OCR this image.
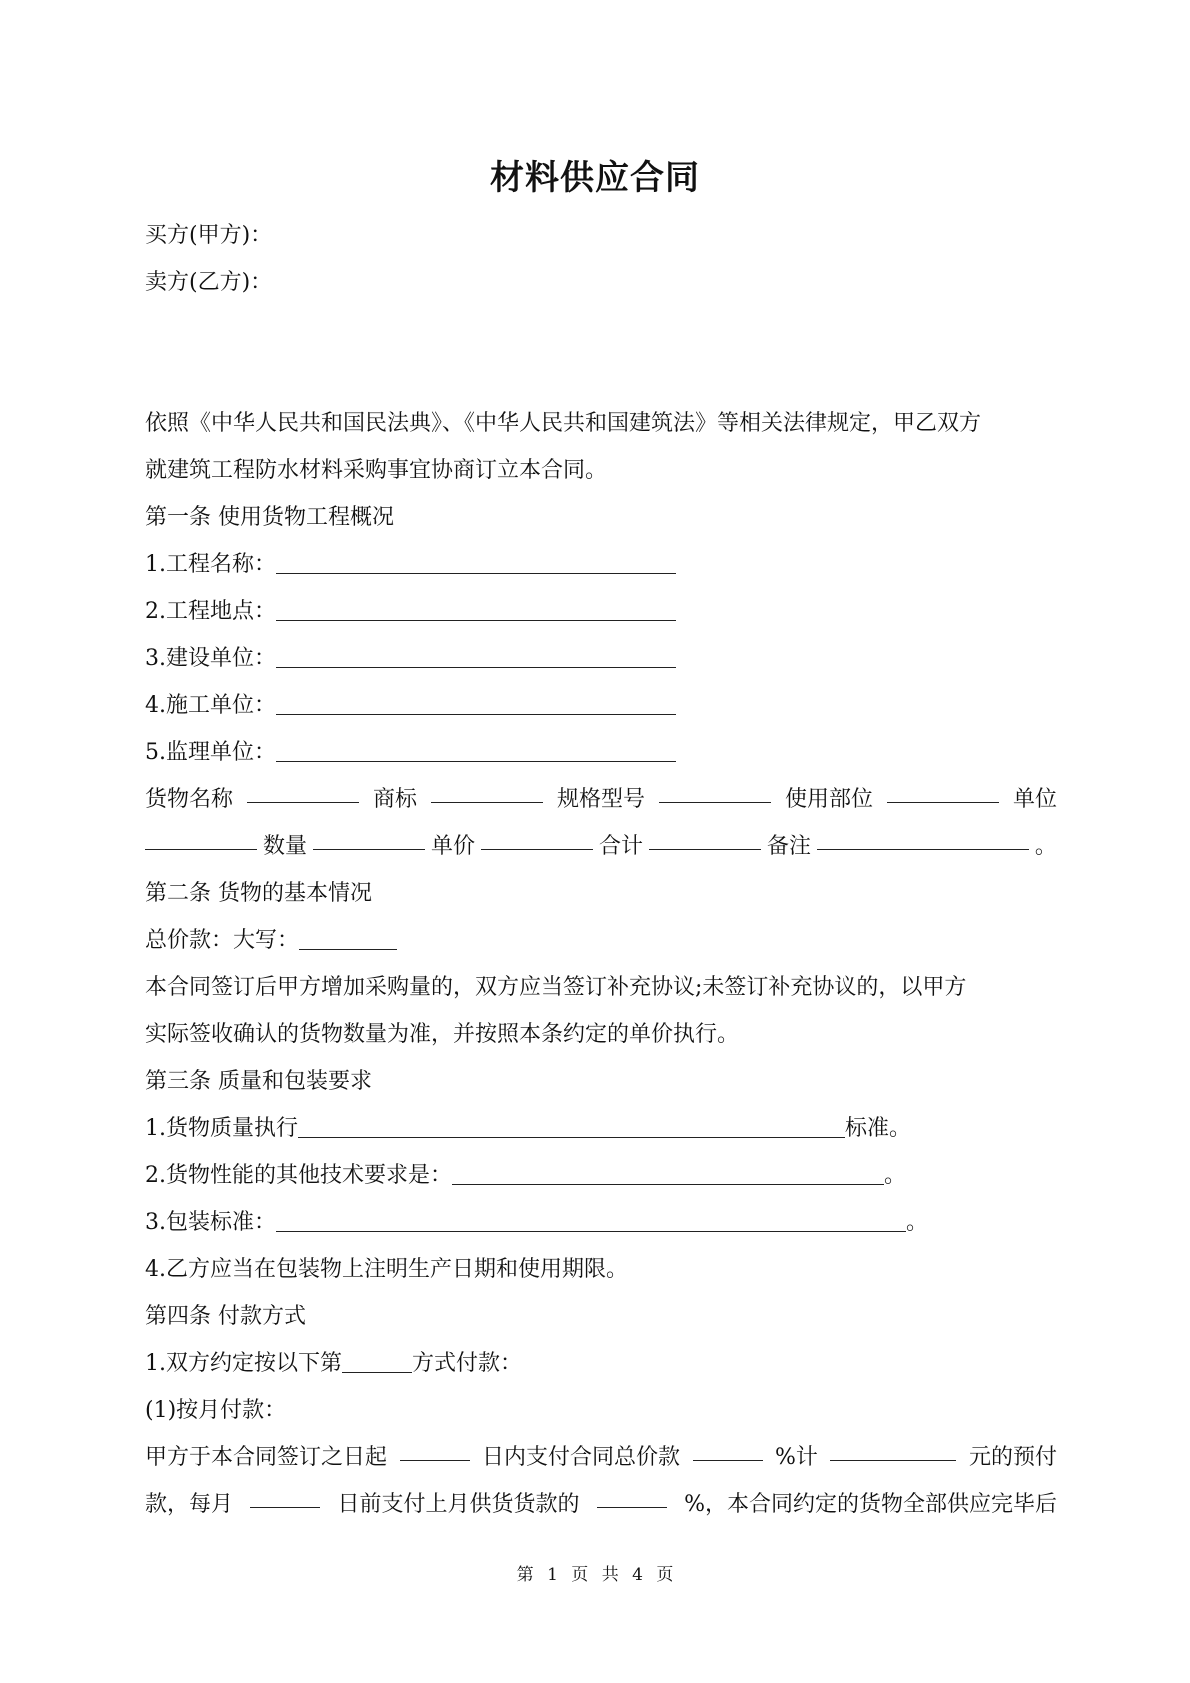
材料供应合同
买方(甲方)：
卖方(乙方)：
依照《中华人民共和国民法典》、《中华人民共和国建筑法》等相关法律规定，甲乙双方
就建筑工程防水材料采购事宜协商订立本合同。
第一条 使用货物工程概况
1.工程名称：
2.工程地点：
3.建设单位：
4.施工单位：
5.监理单位：
货物名称	商标	规格型号	使用部位	单位
数量	单价	合计	备注	。
第二条 货物的基本情况
总价款：大写：
本合同签订后甲方增加采购量的，双方应当签订补充协议;未签订补充协议的，以甲方
实际签收确认的货物数量为准，并按照本条约定的单价执行。
第三条 质量和包装要求
1.货物质量执行	标准。
2.货物性能的其他技术要求是：	。
3.包装标准：	。
4.乙方应当在包装物上注明生产日期和使用期限。
第四条 付款方式
1.双方约定按以下第	方式付款：
(1)按月付款：
甲方于本合同签订之日起	日内支付合同总价款	%计	元的预付
款，每月	日前支付上月供货货款的	%，本合同约定的货物全部供应完毕后
第 1 页 共 4 页
